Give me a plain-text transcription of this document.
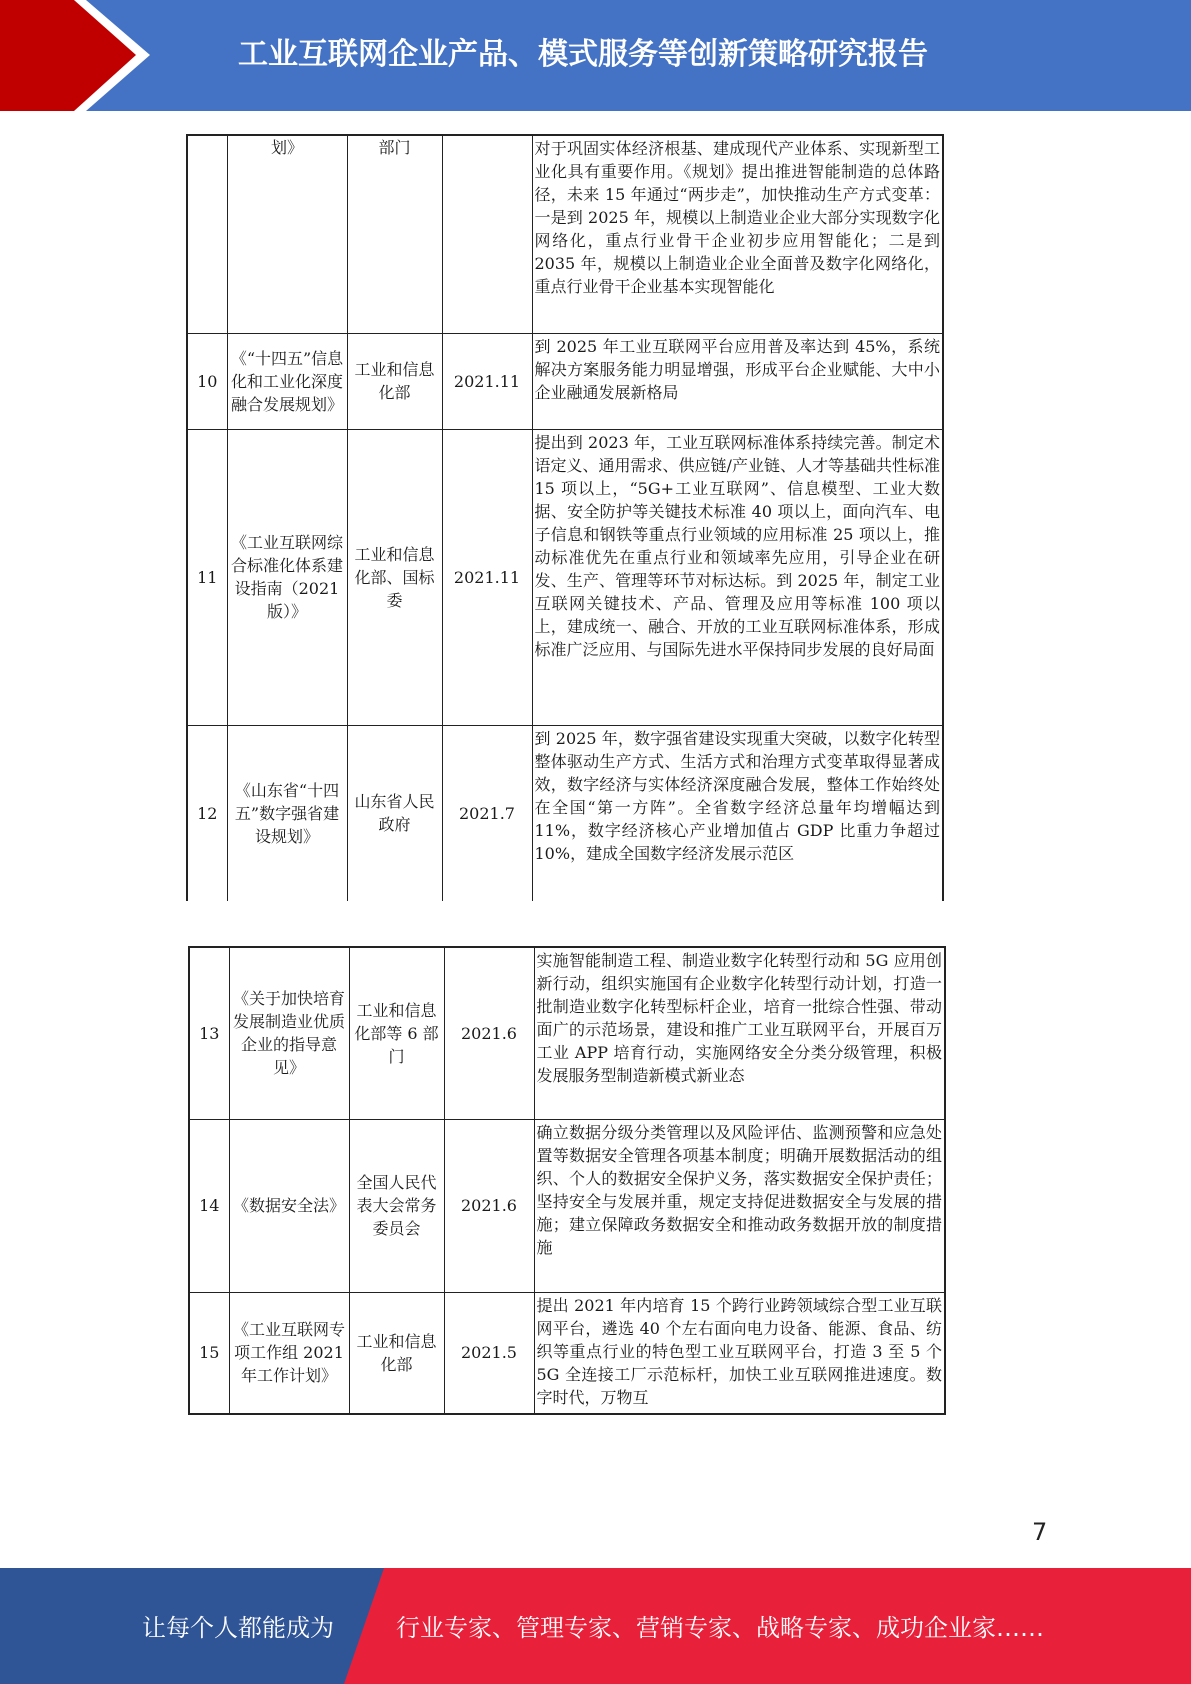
工业互联网企业产品、模式服务等创新策略研究报告
	划》	部门		对于巩固实体经济根基、建成现代产业体系、实现新型工业化具有重要作用。《规划》提出推进智能制造的总体路径，未来 15 年通过“两步走”，加快推动生产方式变革：一是到 2025 年，规模以上制造业企业大部分实现数字化网络化，重点行业骨干企业初步应用智能化；二是到 2035 年，规模以上制造业企业全面普及数字化网络化，重点行业骨干企业基本实现智能化
10	《“十四五”信息化和工业化深度融合发展规划》	工业和信息化部	2021.11	到 2025 年工业互联网平台应用普及率达到 45%，系统解决方案服务能力明显增强，形成平台企业赋能、大中小企业融通发展新格局
11	《工业互联网综合标准化体系建设指南（2021 版）》	工业和信息化部、国标委	2021.11	提出到 2023 年，工业互联网标准体系持续完善。制定术语定义、通用需求、供应链/产业链、人才等基础共性标准 15 项以上，“5G+工业互联网”、信息模型、工业大数据、安全防护等关键技术标准 40 项以上，面向汽车、电子信息和钢铁等重点行业领域的应用标准 25 项以上，推动标准优先在重点行业和领域率先应用，引导企业在研发、生产、管理等环节对标达标。到 2025 年，制定工业互联网关键技术、产品、管理及应用等标准 100 项以上，建成统一、融合、开放的工业互联网标准体系，形成标准广泛应用、与国际先进水平保持同步发展的良好局面
12	《山东省“十四五”数字强省建设规划》	山东省人民政府	2021.7	到 2025 年，数字强省建设实现重大突破，以数字化转型整体驱动生产方式、生活方式和治理方式变革取得显著成效，数字经济与实体经济深度融合发展，整体工作始终处在全国“第一方阵”。全省数字经济总量年均增幅达到 11%，数字经济核心产业增加值占 GDP 比重力争超过 10%，建成全国数字经济发展示范区
13	《关于加快培育发展制造业优质企业的指导意见》	工业和信息化部等 6 部门	2021.6	实施智能制造工程、制造业数字化转型行动和 5G 应用创新行动，组织实施国有企业数字化转型行动计划，打造一批制造业数字化转型标杆企业，培育一批综合性强、带动面广的示范场景，建设和推广工业互联网平台，开展百万工业 APP 培育行动，实施网络安全分类分级管理，积极发展服务型制造新模式新业态
14	《数据安全法》	全国人民代表大会常务委员会	2021.6	确立数据分级分类管理以及风险评估、监测预警和应急处置等数据安全管理各项基本制度；明确开展数据活动的组织、个人的数据安全保护义务，落实数据安全保护责任；坚持安全与发展并重，规定支持促进数据安全与发展的措施；建立保障政务数据安全和推动政务数据开放的制度措施
15	《工业互联网专项工作组 2021 年工作计划》	工业和信息化部	2021.5	提出 2021 年内培育 15 个跨行业跨领域综合型工业互联网平台，遴选 40 个左右面向电力设备、能源、食品、纺织等重点行业的特色型工业互联网平台，打造 3 至 5 个 5G 全连接工厂示范标杆，加快工业互联网推进速度。数字时代，万物互
7
让每个人都能成为	行业专家、管理专家、营销专家、战略专家、成功企业家……
